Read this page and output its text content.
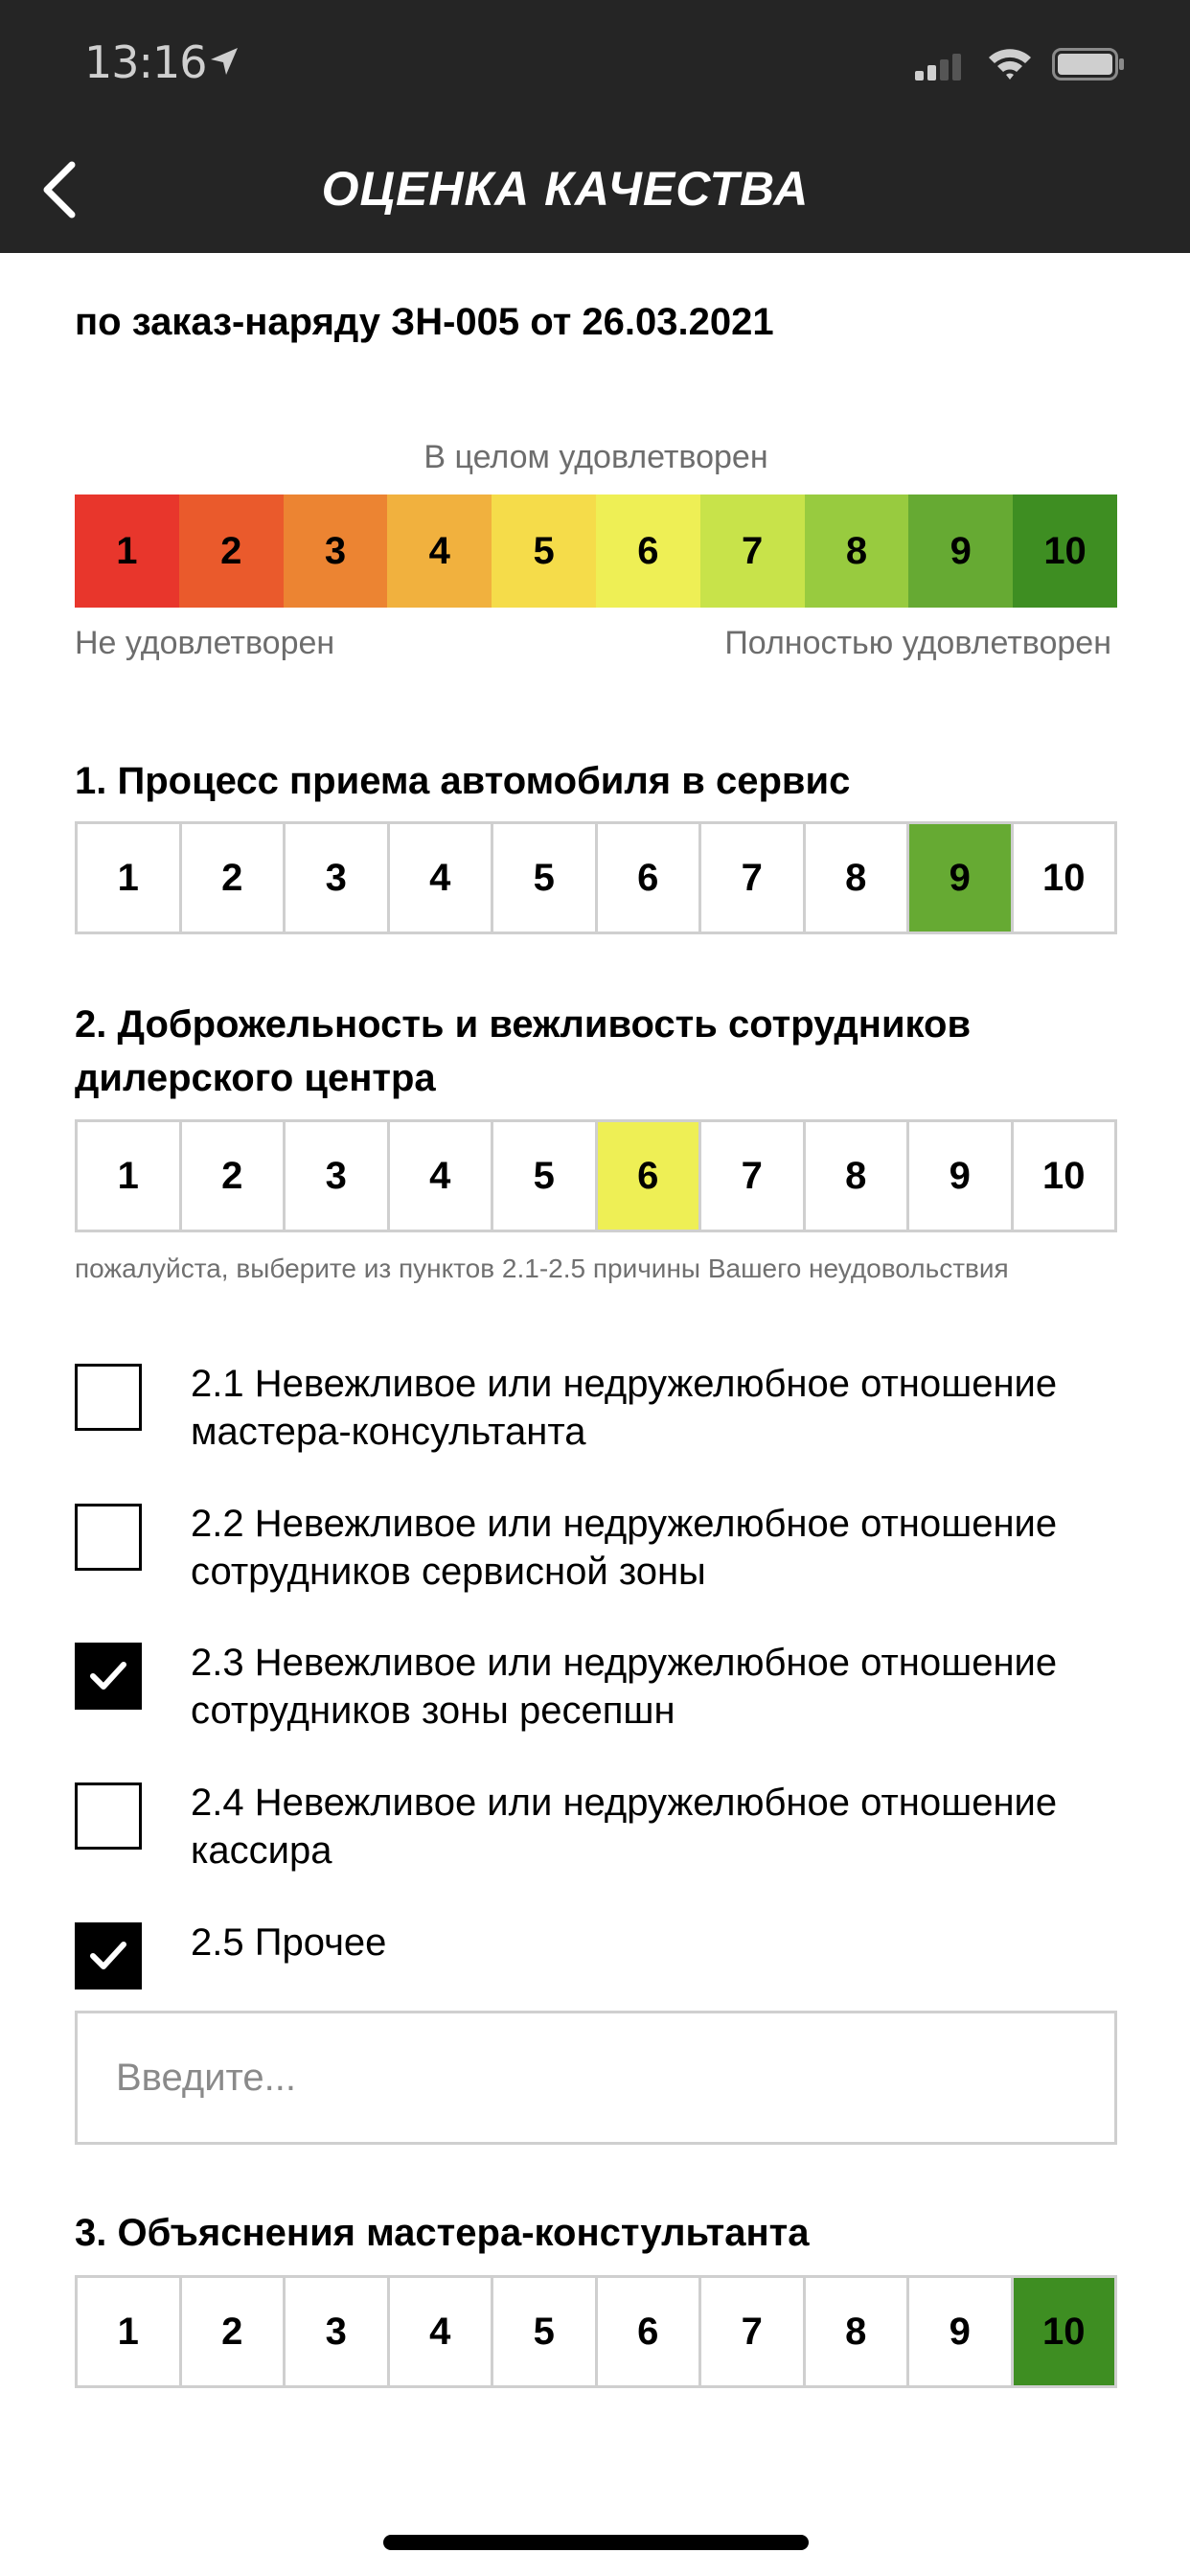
13:16
ОЦЕНКА КАЧЕСТВА
по заказ-наряду ЗН-005 от 26.03.2021
В целом удовлетворен
1	2	3	4	5	6	7	8	9	10
Не удовлетворен	Полностью удовлетворен
1. Процесс приема автомобиля в сервис
1	2	3	4	5	6	7	8	9	10
2. Доброжельность и вежливость сотрудников дилерского центра
1	2	3	4	5	6	7	8	9	10
пожалуйста, выберите из пунктов 2.1-2.5 причины Вашего неудовольствия
2.1 Невежливое или недружелюбное отношение мастера-консультанта
2.2 Невежливое или недружелюбное отношение сотрудников сервисной зоны
2.3 Невежливое или недружелюбное отношение сотрудников зоны ресепшн
2.4 Невежливое или недружелюбное отношение кассира
2.5 Прочее
Введите...
3. Объяснения мастера-констультанта
1	2	3	4	5	6	7	8	9	10
